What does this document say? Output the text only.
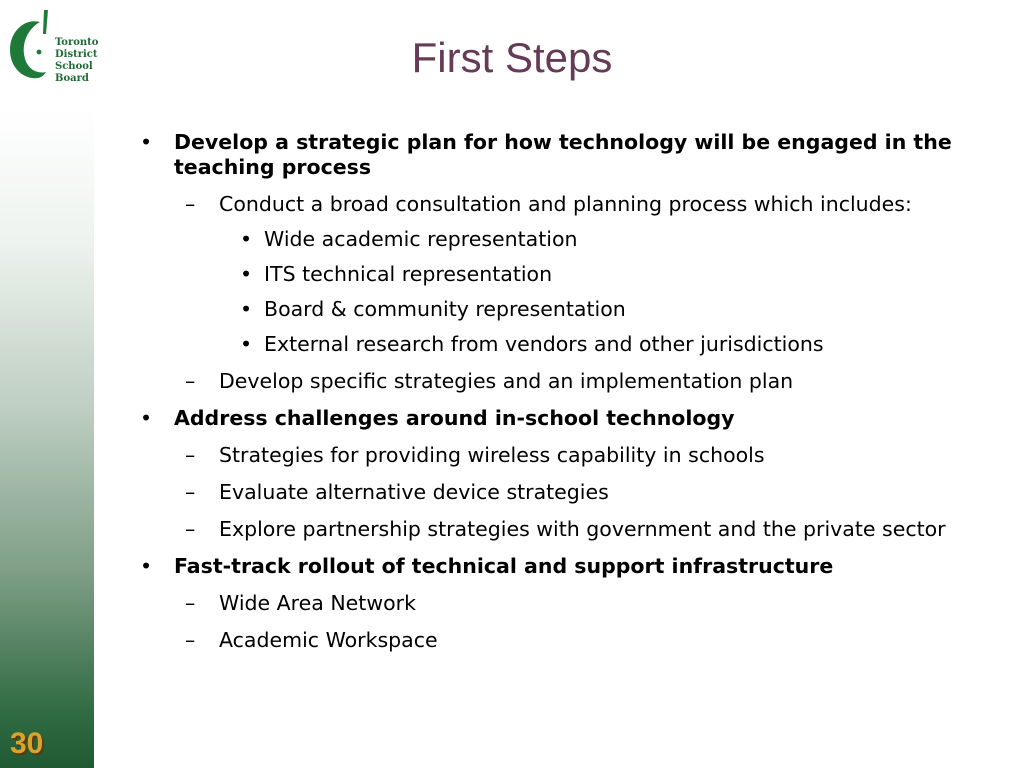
Toronto
District
School
Board	First Steps
• Develop a strategic plan for how technology will be engaged in the teaching process
– Conduct a broad consultation and planning process which includes:
• Wide academic representation
• ITS technical representation
• Board & community representation
• External research from vendors and other jurisdictions
– Develop specific strategies and an implementation plan
• Address challenges around in-school technology
– Strategies for providing wireless capability in schools
– Evaluate alternative device strategies
– Explore partnership strategies with government and the private sector
• Fast-track rollout of technical and support infrastructure
– Wide Area Network
– Academic Workspace
30
